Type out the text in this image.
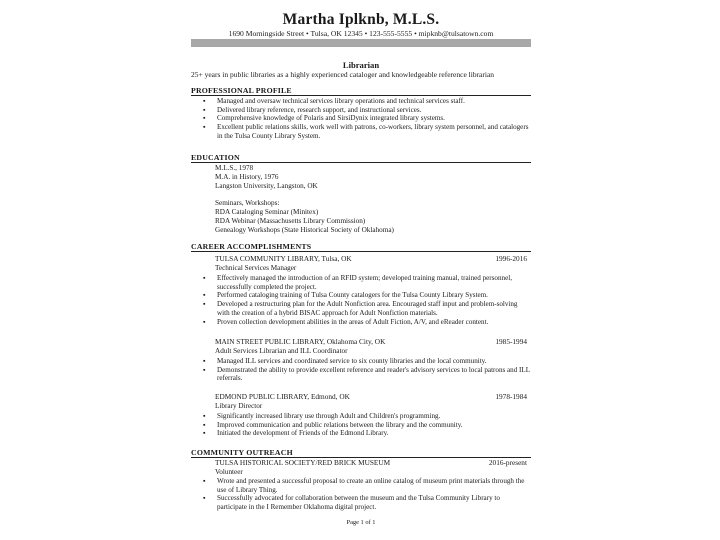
Martha Iplknb, M.L.S.
1690 Morningside Street • Tulsa, OK 12345 • 123-555-5555 • mipknb@tulsatown.com
Librarian
25+ years in public libraries as a highly experienced cataloger and knowledgeable reference librarian
PROFESSIONAL PROFILE
▪ Managed and oversaw technical services library operations and technical services staff.
▪ Delivered library reference, research support, and instructional services.
▪ Comprehensive knowledge of Polaris and SirsiDynix integrated library systems.
▪ Excellent public relations skills, work well with patrons, co-workers, library system personnel, and catalogers in the Tulsa County Library System.
EDUCATION
M.L.S., 1978
M.A. in History, 1976
Langston University, Langston, OK
Seminars, Workshops:
RDA Cataloging Seminar (Minitex)
RDA Webinar (Massachusetts Library Commission)
Genealogy Workshops (State Historical Society of Oklahoma)
CAREER ACCOMPLISHMENTS
TULSA COMMUNITY LIBRARY, Tulsa, OK	1996-2016
Technical Services Manager
▪ Effectively managed the introduction of an RFID system; developed training manual, trained personnel, successfully completed the project.
▪ Performed cataloging training of Tulsa County catalogers for the Tulsa County Library System.
▪ Developed a restructuring plan for the Adult Nonfiction area. Encouraged staff input and problem-solving with the creation of a hybrid BISAC approach for Adult Nonfiction materials.
▪ Proven collection development abilities in the areas of Adult Fiction, A/V, and eReader content.
MAIN STREET PUBLIC LIBRARY, Oklahoma City, OK	1985-1994
Adult Services Librarian and ILL Coordinator
▪ Managed ILL services and coordinated service to six county libraries and the local community.
▪ Demonstrated the ability to provide excellent reference and reader's advisory services to local patrons and ILL referrals.
EDMOND PUBLIC LIBRARY, Edmond, OK	1978-1984
Library Director
▪ Significantly increased library use through Adult and Children's programming.
▪ Improved communication and public relations between the library and the community.
▪ Initiated the development of Friends of the Edmond Library.
COMMUNITY OUTREACH
TULSA HISTORICAL SOCIETY/RED BRICK MUSEUM	2016-present
Volunteer
▪ Wrote and presented a successful proposal to create an online catalog of museum print materials through the use of Library Thing.
▪ Successfully advocated for collaboration between the museum and the Tulsa Community Library to participate in the I Remember Oklahoma digital project.
Page 1 of 1
